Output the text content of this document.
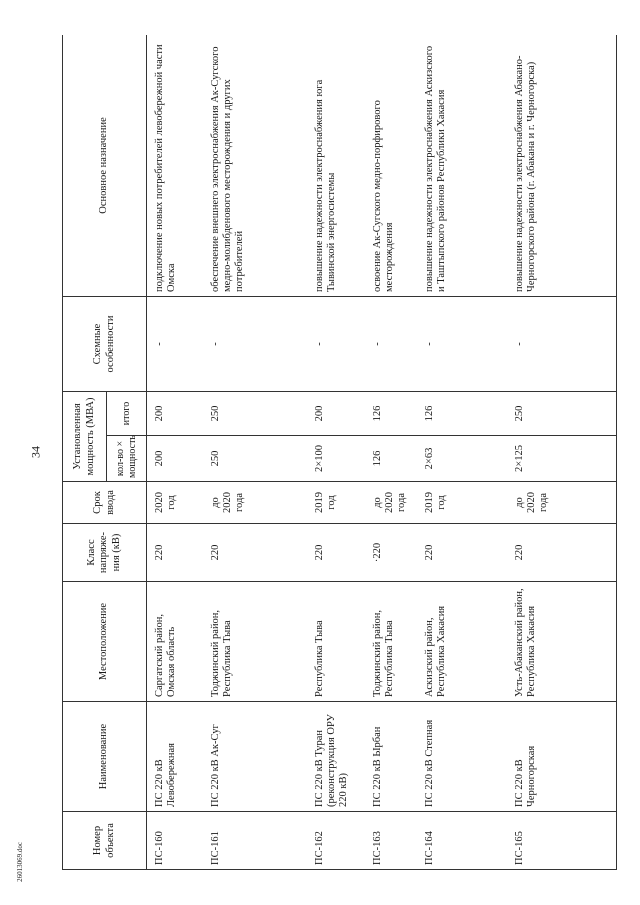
34
26013069.doc
Номер объекта	Наименование	Местоположение	Класс напряже-ния (кВ)	Срок ввода	Установленная мощность (МВА)		Схемные особенности	Основное назначение
					кол-во × мощность	итого		
ПС-160	ПС 220 кВ Левобережная	Саргатский район, Омская область	220	2020 год	200	200	-	подключение новых потребителей левобережной части Омска
ПС-161	ПС 220 кВ Ак-Суг	Тоджинский район, Республика Тыва	220	до 2020 года	250	250	-	обеспечение внешнего электроснабжения Ак-Сугского медно-молибденового месторождения и других потребителей
ПС-162	ПС 220 кВ Туран (реконструкция ОРУ 220 кВ)	Республика Тыва	220	2019 год	2×100	200	-	повышение надежности электроснабжения юга Тывинской энергосистемы
ПС-163	ПС 220 кВ Ырбан	Тоджинский район, Республика Тыва	·220	до 2020 года	126	126	-	освоение Ак-Сугского медно-порфирового месторождения
ПС-164	ПС 220 кВ Степная	Аскизский район, Республика Хакасия	220	2019 год	2×63	126	-	повышение надежности электроснабжения Аскизского и Таштыпского районов Республики Хакасия
ПС-165	ПС 220 кВ Черногорская	Усть-Абаканский район, Республика Хакасия	220	до 2020 года	2×125	250	-	повышение надежности электроснабжения Абакано-Черногорского района (г. Абакана и г. Черногорска)
